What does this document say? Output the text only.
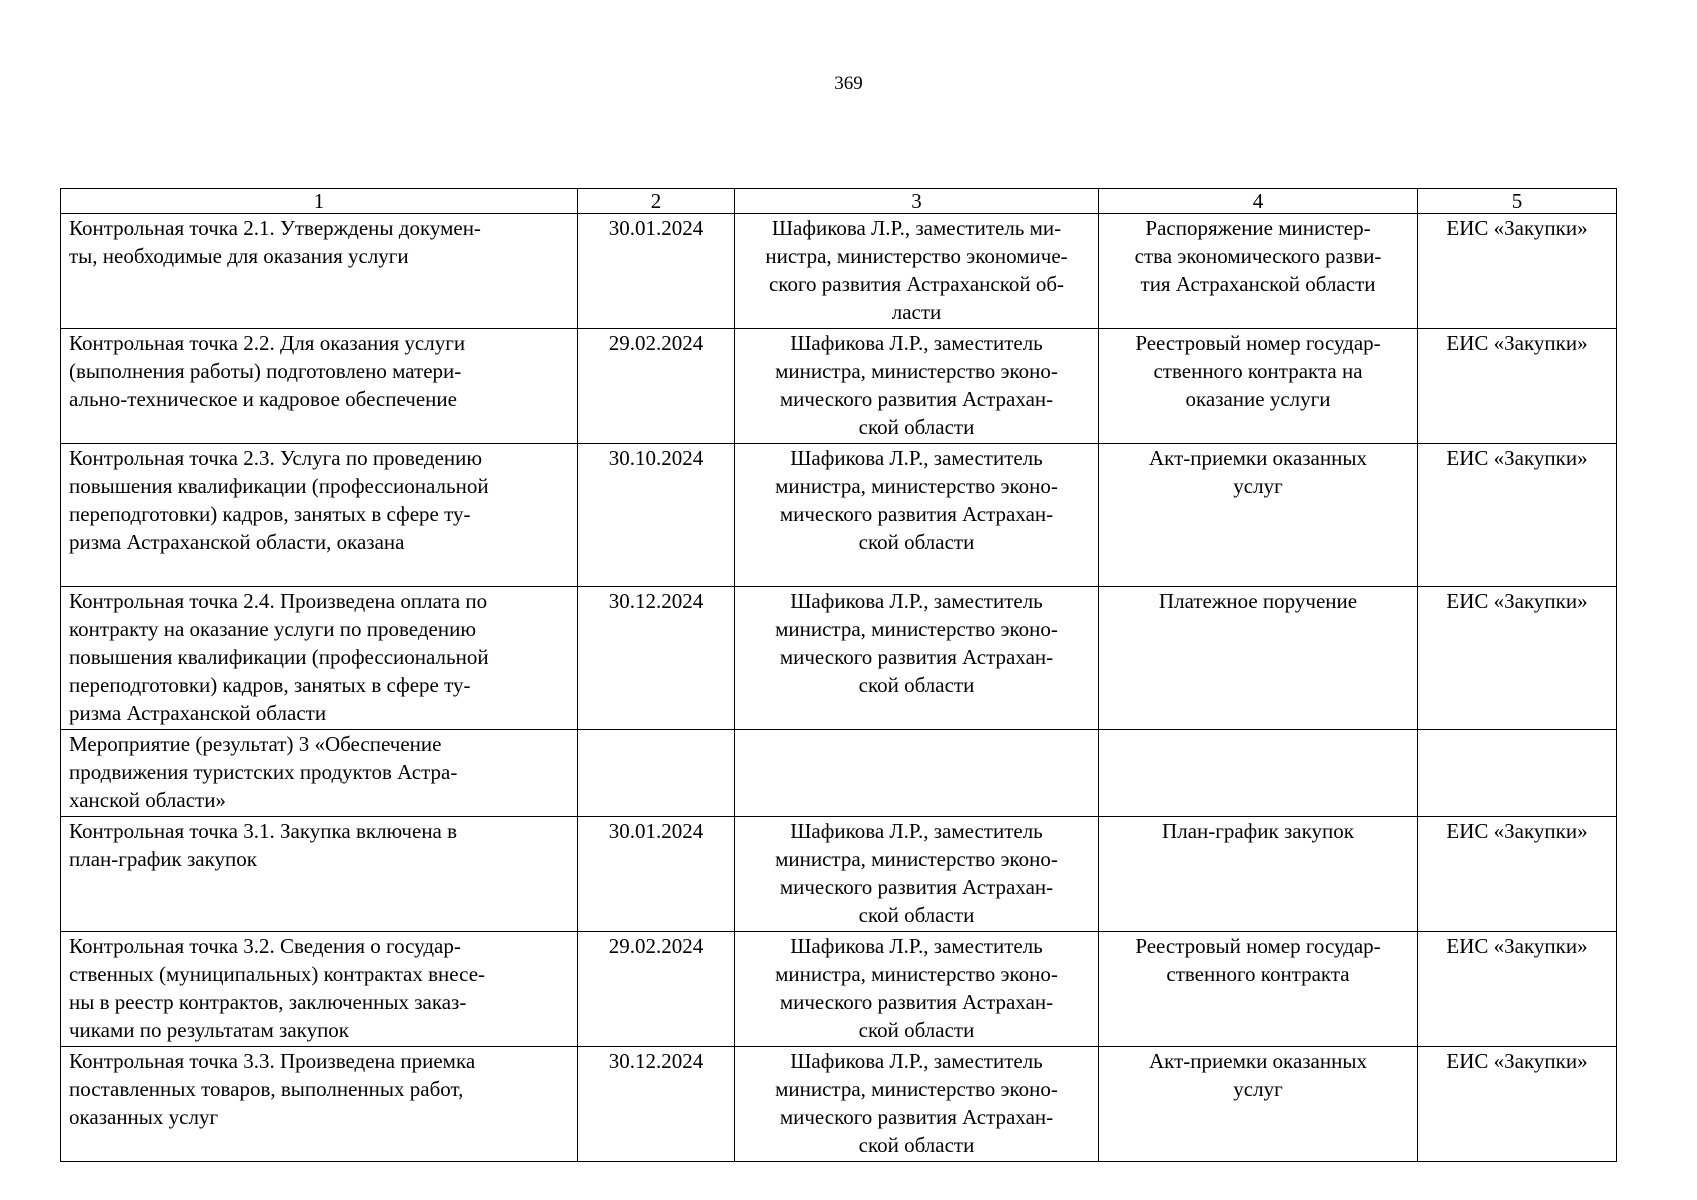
369
1	2	3	4	5

Контрольная точка 2.1. Утверждены докумен-
ты, необходимые для оказания услуги	30.01.2024	Шафикова Л.Р., заместитель ми-
нистра, министерство экономиче-
ского развития Астраханской об-
ласти	Распоряжение министер-
ства экономического разви-
тия Астраханской области	ЕИС «Закупки»

Контрольная точка 2.2. Для оказания услуги
(выполнения работы) подготовлено матери-
ально-техническое и кадровое обеспечение	29.02.2024	Шафикова Л.Р., заместитель
министра, министерство эконо-
мического развития Астрахан-
ской области	Реестровый номер государ-
ственного контракта на
оказание услуги	ЕИС «Закупки»

Контрольная точка 2.3. Услуга по проведению
повышения квалификации (профессиональной
переподготовки) кадров, занятых в сфере ту-
ризма Астраханской области, оказана	30.10.2024	Шафикова Л.Р., заместитель
министра, министерство эконо-
мического развития Астрахан-
ской области	Акт-приемки оказанных
услуг	ЕИС «Закупки»

Контрольная точка 2.4. Произведена оплата по
контракту на оказание услуги по проведению
повышения квалификации (профессиональной
переподготовки) кадров, занятых в сфере ту-
ризма Астраханской области	30.12.2024	Шафикова Л.Р., заместитель
министра, министерство эконо-
мического развития Астрахан-
ской области	Платежное поручение	ЕИС «Закупки»

Мероприятие (результат) 3 «Обеспечение
продвижения туристских продуктов Астра-
ханской области»				

Контрольная точка 3.1. Закупка включена в
план-график закупок	30.01.2024	Шафикова Л.Р., заместитель
министра, министерство эконо-
мического развития Астрахан-
ской области	План-график закупок	ЕИС «Закупки»

Контрольная точка 3.2. Сведения о государ-
ственных (муниципальных) контрактах внесе-
ны в реестр контрактов, заключенных заказ-
чиками по результатам закупок	29.02.2024	Шафикова Л.Р., заместитель
министра, министерство эконо-
мического развития Астрахан-
ской области	Реестровый номер государ-
ственного контракта	ЕИС «Закупки»

Контрольная точка 3.3. Произведена приемка
поставленных товаров, выполненных работ,
оказанных услуг	30.12.2024	Шафикова Л.Р., заместитель
министра, министерство эконо-
мического развития Астрахан-
ской области	Акт-приемки оказанных
услуг	ЕИС «Закупки»
